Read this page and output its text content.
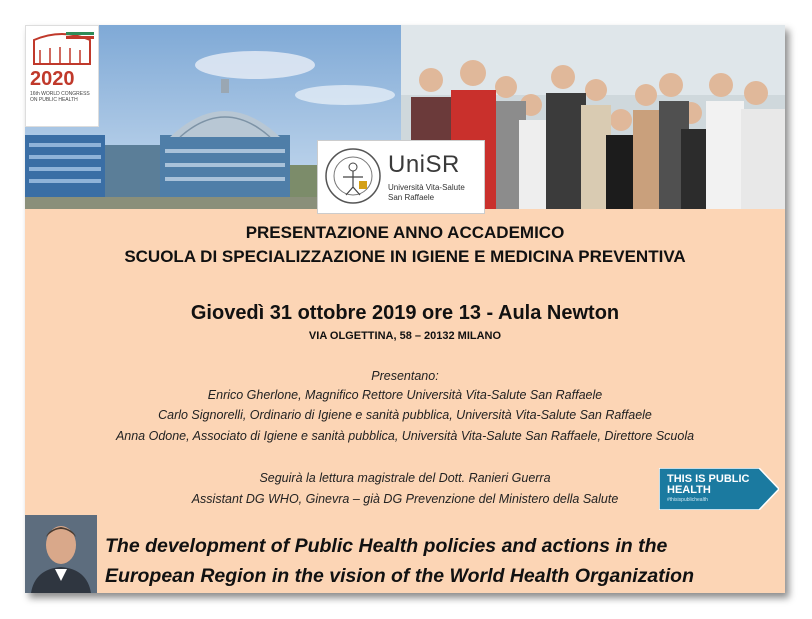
2020
16th WORLD CONGRESS ON PUBLIC HEALTH
UniSR
Università Vita-Salute San Raffaele
PRESENTAZIONE ANNO ACCADEMICO
SCUOLA DI SPECIALIZZAZIONE IN IGIENE E MEDICINA PREVENTIVA
Giovedì 31 ottobre 2019 ore 13 - Aula Newton
VIA OLGETTINA, 58 – 20132 MILANO
Presentano:
Enrico Gherlone, Magnifico Rettore Università Vita-Salute San Raffaele
Carlo Signorelli, Ordinario di Igiene e sanità pubblica, Università Vita-Salute San Raffaele
Anna Odone, Associato di Igiene e sanità pubblica, Università Vita-Salute San Raffaele, Direttore Scuola
Seguirà la lettura magistrale del Dott. Ranieri Guerra
Assistant DG WHO, Ginevra – già DG Prevenzione del Ministero della Salute
THIS IS PUBLIC
HEALTH
#thisispublichealth
The development of Public Health policies and actions in the
European Region in the vision of the World Health Organization
